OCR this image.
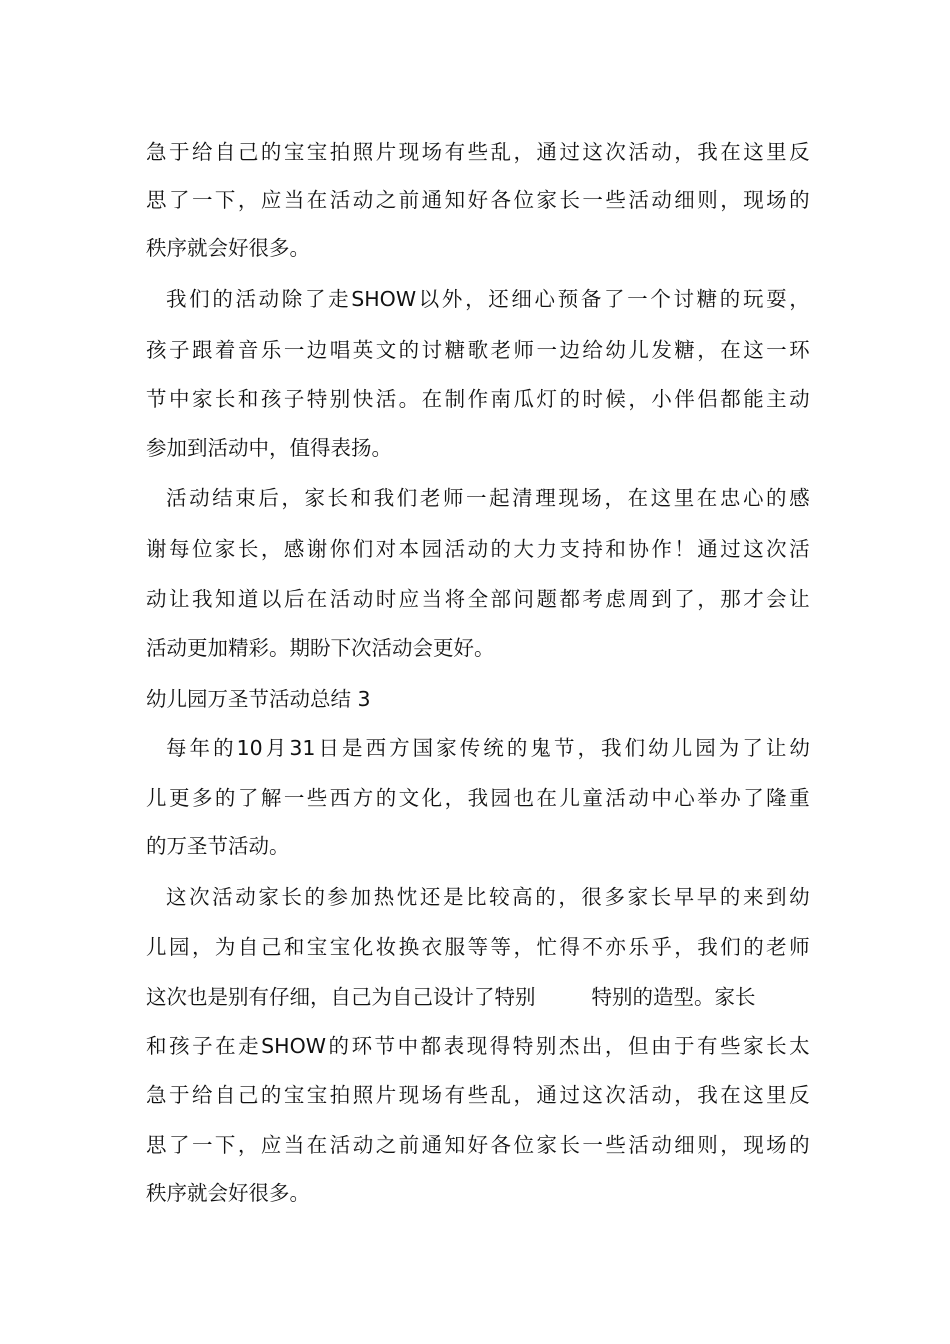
急 于 给 自 己 的 宝 宝 拍 照 片 现 场 有 些 乱 ， 通 过 这 次 活 动 ， 我 在 这 里 反
思 了 一 下 ， 应 当 在 活 动 之 前 通 知 好 各 位 家 长 一 些 活 动 细 则 ， 现 场 的
秩序就会好很多。
我 们 的 活 动 除 了 走 SHOW 以 外 ， 还 细 心 预 备 了 一 个 讨 糖 的 玩 耍 ，
孩 子 跟 着 音 乐 一 边 唱 英 文 的 讨 糖 歌 老 师 一 边 给 幼 儿 发 糖 ， 在 这 一 环
节 中 家 长 和 孩 子 特 别 快 活 。 在 制 作 南 瓜 灯 的 时 候 ， 小 伴 侣 都 能 主 动
参加到活动中，值得表扬。
活 动 结 束 后 ， 家 长 和 我 们 老 师 一 起 清 理 现 场 ， 在 这 里 在 忠 心 的 感
谢 每 位 家 长 ， 感 谢 你 们 对 本 园 活 动 的 大 力 支 持 和 协 作 ！ 通 过 这 次 活
动 让 我 知 道 以 后 在 活 动 时 应 当 将 全 部 问 题 都 考 虑 周 到 了 ， 那 才 会 让
活动更加精彩。期盼下次活动会更好。
幼儿园万圣节活动总结 3
每 年 的 10 月 31 日 是 西 方 国 家 传 统 的 鬼 节 ， 我 们 幼 儿 园 为 了 让 幼
儿 更 多 的 了 解 一 些 西 方 的 文 化 ， 我 园 也 在 儿 童 活 动 中 心 举 办 了 隆 重
的万圣节活动。
这 次 活 动 家 长 的 参 加 热 忱 还 是 比 较 高 的 ， 很 多 家 长 早 早 的 来 到 幼
儿 园 ， 为 自 己 和 宝 宝 化 妆 换 衣 服 等 等 ， 忙 得 不 亦 乐 乎 ， 我 们 的 老 师
这次也是别有仔细，自己为自己设计了特别	特别的造型。家长
和 孩 子 在 走 SHOW 的 环 节 中 都 表 现 得 特 别 杰 出 ， 但 由 于 有 些 家 长 太
急 于 给 自 己 的 宝 宝 拍 照 片 现 场 有 些 乱 ， 通 过 这 次 活 动 ， 我 在 这 里 反
思 了 一 下 ， 应 当 在 活 动 之 前 通 知 好 各 位 家 长 一 些 活 动 细 则 ， 现 场 的
秩序就会好很多。
